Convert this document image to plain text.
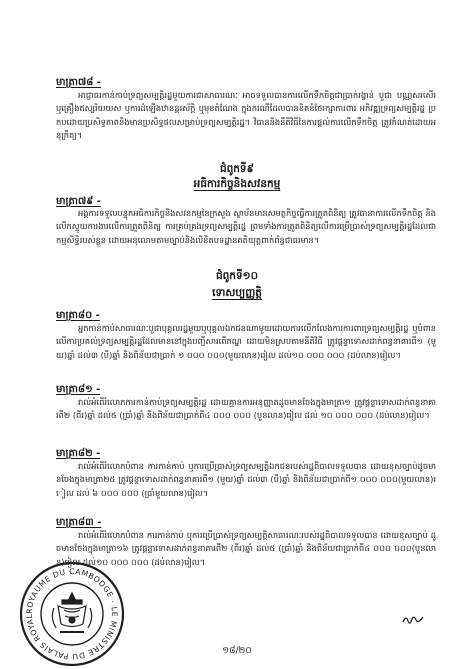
មាត្រា៧៨ -
អាជ្ញាធរកាន់កាប់ទ្រព្យសម្បត្តិរដ្ឋមួយការជាសាធារណៈ អាចទទួលបានការលើកទឹកចិត្តជាប្រាក់រង្វាន់ បួជា បណ្ណសរសើរ ឬគ្រឿងឥស្សរិយយស ឬការដំឡើងឋានន្តរស័ក្តិ ឬមុខតំណែង ក្នុងករណីដែលបានខិតខំថែរក្សាការពារ អភិវឌ្ឍទ្រព្យសម្បត្តិរដ្ឋ ប្រកបដោយប្រសិទ្ធភាពនិងមានប្រសិទ្ធផលសម្រាប់ទ្រព្យសម្បត្តិរដ្ឋ។ វិធាននិងនីតិវិធីនៃការផ្តល់ការលើកទឹកចិត្ត ត្រូវកំណត់ដោយអនុក្រឹត្យ។
ជំពូកទី៩
អធិការកិច្ចនិងសវនកម្ម
មាត្រា៧៩ -
អង្គការទទួលបន្ទុកអធិការកិច្ចនិងសវនកម្មនៃក្រសួង ស្ថាប័នមានសមត្ថកិច្ចធ្វើការត្រួតពិនិត្យ ត្រូវធានាការលើកទឹកចិត្ត និងលើកស្ទួយការងារលើការត្រួតពិនិត្យ ការគ្រប់គ្រងទ្រព្យសម្បត្តិរដ្ឋ ព្រមទាំងការត្រួតពិនិត្យលើការប្រើប្រាស់ទ្រព្យសម្បត្តិរដ្ឋដែលជាកម្មសិទ្ធិរបស់ខ្លួន ដោយអនុលោមតាមច្បាប់និងលិខិតបទដ្ឋានគតិយុត្តពាក់ព័ន្ធជាធរមាន។
ជំពូកទី១០
ទោសប្បញ្ញត្តិ
មាត្រា៨០ -
អ្នកកាន់កាប់សាធារណៈបួជាបុគ្គលរដ្ឋមួយឬបុគ្គលឯកជនណាមួយដោយការលើកលែងការការពារទ្រព្យសម្បត្តិរដ្ឋ ឬបំពានលើការប្រគល់ទ្រព្យសម្បត្តិរដ្ឋដែលមាននៅក្នុងបញ្ជីសារពើភណ្ឌ ដោយមិនស្របតាមនីតិវិធី ត្រូវផ្តន្ទាទោសដាក់ពន្ធនាគារពី១ (មួយ)ឆ្នាំ ដល់៣ (បី)ឆ្នាំ និងពិន័យជាប្រាក់ ១ ០០០ ០០០(មួយលាន)រៀល ដល់១០ ០០០ ០០០ (ដប់លាន)រៀល។
មាត្រា៨១ -
រាល់អំពើរំលោភការកាន់កាប់ទ្រព្យសម្បត្តិរដ្ឋ ដោយគ្មានការអនុញ្ញាតដូចមានចែងក្នុងមាត្រា១ ត្រូវផ្តន្ទាទោសដាក់ពន្ធនាគារពី២ (ពីរ)ឆ្នាំ ដល់៥ (ប្រាំ)ឆ្នាំ និងពិន័យជាប្រាក់ពី៤ ០០០ ០០០ (បួនលាន)រៀល ដល់ ១០ ០០០ ០០០ (ដប់លាន)រៀល។
មាត្រា៨២ -
រាល់អំពើរំលោភបំពាន ការកាន់កាប់ ឬការប្រើប្រាស់ទ្រព្យសម្បត្តិឯកជនរបស់រដ្ឋពិបាលទទួលបាន ដោយខុសច្បាប់ដូចមានចែងក្នុងមាត្រា២៥ ត្រូវផ្តន្ទាទោសដាក់ពន្ធនាគារពី១ (មួយ)ឆ្នាំ ដល់៣ (បី)ឆ្នាំ និងពិន័យជាប្រាក់ពី១ ០០០ ០០០(មួយលាន)រៀល ដល់ ៦ ០០០ ០០០ (ប្រាំមួយលាន)រៀល។
មាត្រា៨៣ -
រាល់អំពើរំលោភបំពាន ការកាន់កាប់ ឬការប្រើប្រាស់ទ្រព្យសម្បត្តិសាធារណៈរបស់រដ្ឋពិបាលទទួលបាន ដោយខុសច្បាប់ ដូចមានចែងក្នុងមាត្រា១៦ ត្រូវផ្តន្ទាទោសដាក់ពន្ធនាគារពី២ (ពីរ)ឆ្នាំ ដល់៥ (ប្រាំ)ឆ្នាំ និងពិន័យជាប្រាក់ពី៤ ០០០ ០០០(បួនលាន)រៀល ដល់១០ ០០០ ០០០ (ដប់លាន)រៀល។
ROYAUME DU CAMBODGE · LE MINISTRE DU PALAIS ROYAL
១៨/២០
